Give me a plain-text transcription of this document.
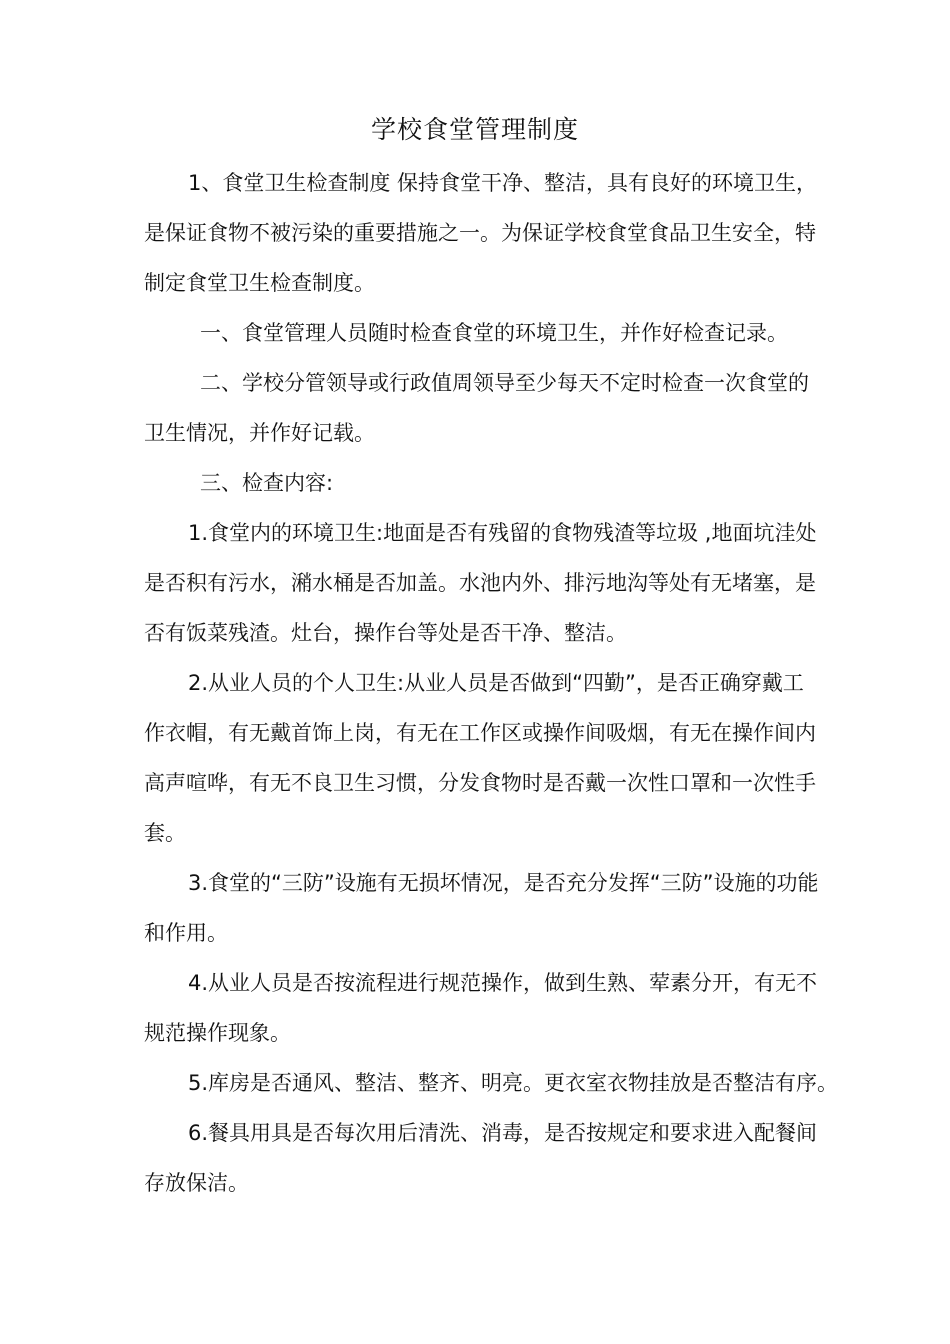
学校食堂管理制度

1、食堂卫生检查制度 保持食堂干净、整洁，具有良好的环境卫生，是保证食物不被污染的重要措施之一。为保证学校食堂食品卫生安全，特制定食堂卫生检查制度。

一、食堂管理人员随时检查食堂的环境卫生，并作好检查记录。

二、学校分管领导或行政值周领导至少每天不定时检查一次食堂的卫生情况，并作好记载。

三、检查内容:

1.食堂内的环境卫生:地面是否有残留的食物残渣等垃圾 ,地面坑洼处是否积有污水，潲水桶是否加盖。水池内外、排污地沟等处有无堵塞，是否有饭菜残渣。灶台，操作台等处是否干净、整洁。

2.从业人员的个人卫生:从业人员是否做到“四勤”，是否正确穿戴工作衣帽，有无戴首饰上岗，有无在工作区或操作间吸烟，有无在操作间内高声喧哗，有无不良卫生习惯，分发食物时是否戴一次性口罩和一次性手套。

3.食堂的“三防”设施有无损坏情况，是否充分发挥“三防”设施的功能和作用。

4.从业人员是否按流程进行规范操作，做到生熟、荤素分开，有无不规范操作现象。

5.库房是否通风、整洁、整齐、明亮。更衣室衣物挂放是否整洁有序。

6.餐具用具是否每次用后清洗、消毒，是否按规定和要求进入配餐间存放保洁。
